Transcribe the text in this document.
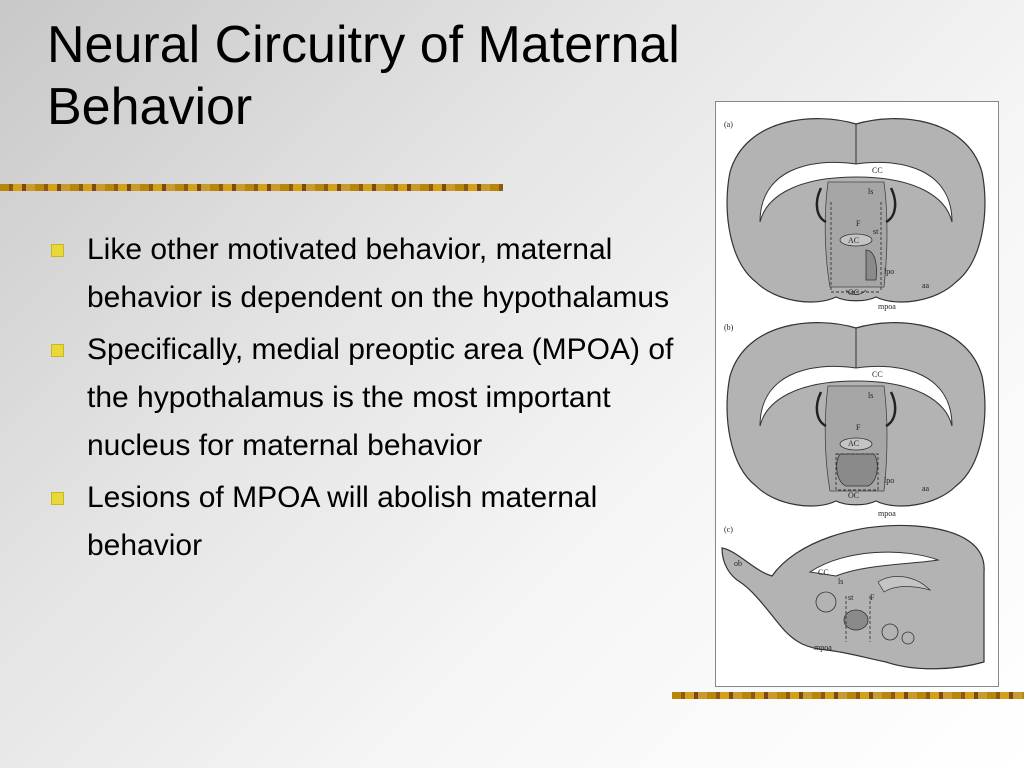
Neural Circuitry of Maternal Behavior
Like other motivated behavior, maternal behavior is dependent on the hypothalamus
Specifically, medial preoptic area (MPOA) of the hypothalamus is the most important nucleus for maternal behavior
Lesions of MPOA will abolish maternal behavior
(a)
CC
ls
F
st
AC
lpo
aa
OC
mpoa
(b)
CC
ls
F
AC
lpo
aa
OC
mpoa
(c)
ob
CC
ls
st F
mpoa
